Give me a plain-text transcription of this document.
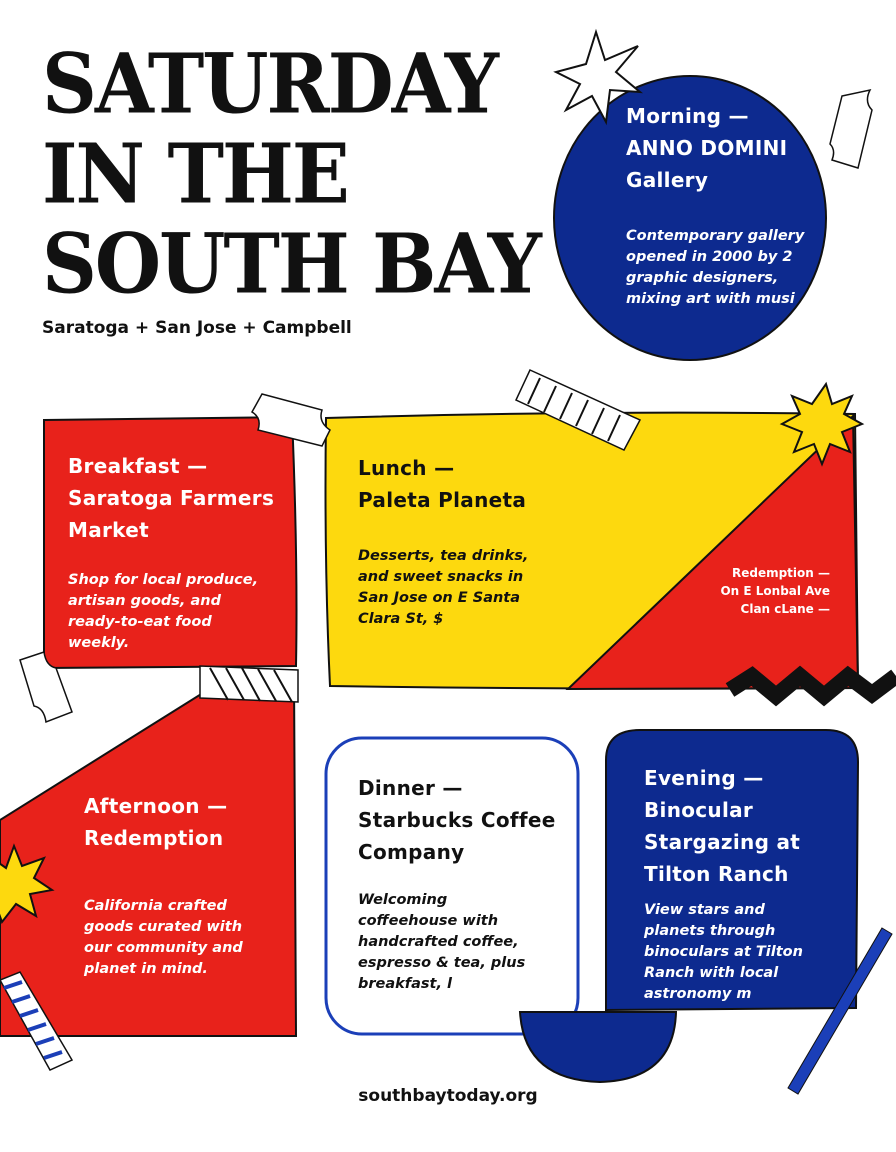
SATURDAY
IN THE
SOUTH BAY
Saratoga + San Jose + Campbell
Morning —
ANNO DOMINI
Gallery
Contemporary gallery
opened in 2000 by 2
graphic designers,
mixing art with musi
Breakfast —
Saratoga Farmers
Market
Shop for local produce,
artisan goods, and
ready-to-eat food
weekly.
Lunch —
Paleta Planeta
Desserts, tea drinks,
and sweet snacks in
San Jose on E Santa
Clara St, $
Redemption —
On E Lonbal Ave
Clan cLane —
Afternoon —
Redemption
California crafted
goods curated with
our community and
planet in mind.
Dinner —
Starbucks Coffee
Company
Welcoming
coffeehouse with
handcrafted coffee,
espresso & tea, plus
breakfast, l
Evening —
Binocular
Stargazing at
Tilton Ranch
View stars and
planets through
binoculars at Tilton
Ranch with local
astronomy m
southbaytoday.org
